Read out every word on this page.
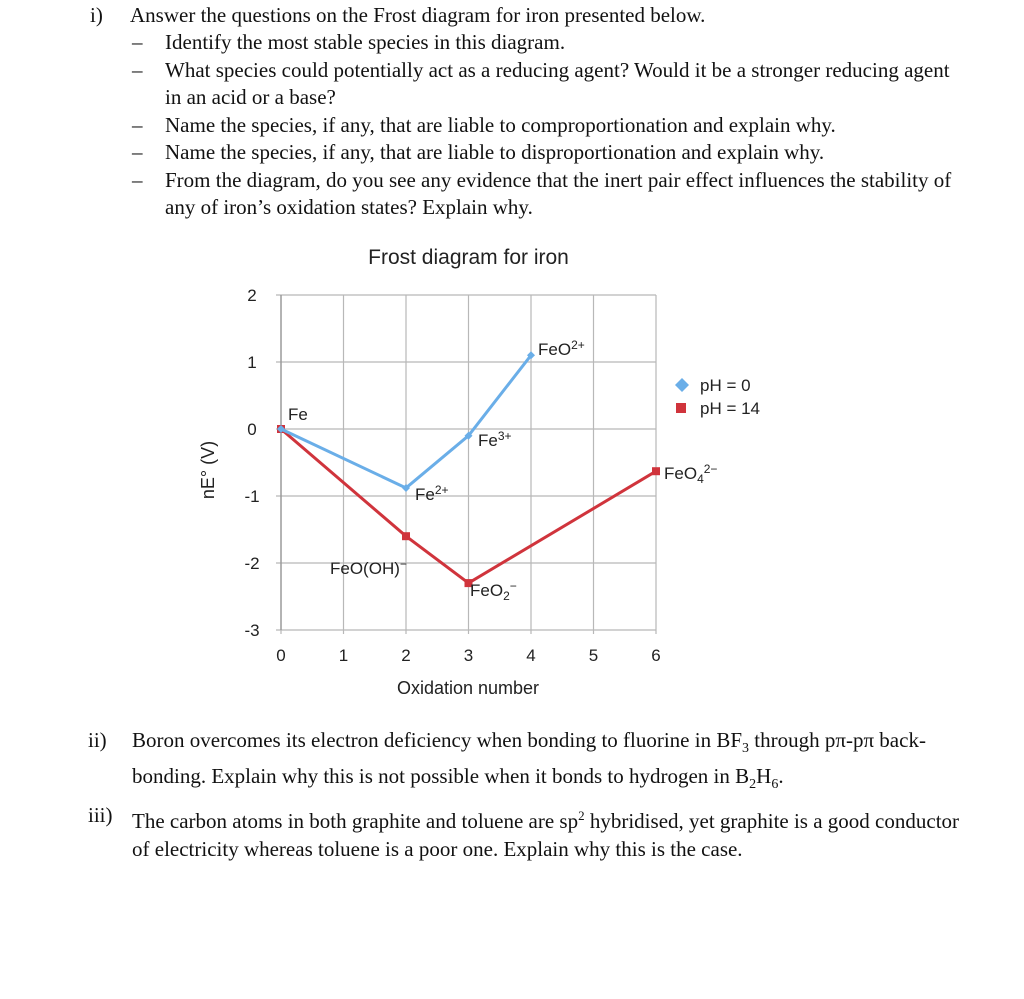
i) Answer the questions on the Frost diagram for iron presented below.
– Identify the most stable species in this diagram.
– What species could potentially act as a reducing agent? Would it be a stronger reducing agent in an acid or a base?
– Name the species, if any, that are liable to comproportionation and explain why.
– Name the species, if any, that are liable to disproportionation and explain why.
– From the diagram, do you see any evidence that the inert pair effect influences the stability of any of iron’s oxidation states? Explain why.
Frost diagram for iron
2
1
0
-1
-2
-3
0	1	2	3	4	5	6
Fe
$Fe^{2+}$
$Fe^{3+}$
FeO$^{2+}$
FeO(OH)−
FeO$_2$−
FeO$_4^{2-}$
nE° (V)
Oxidation number
pH = 0
pH = 14
ii) Boron overcomes its electron deficiency when bonding to fluorine in $BF_3$ through pπ-pπ back-bonding. Explain why this is not possible when it bonds to hydrogen in $B_2H_6$.
iii) The carbon atoms in both graphite and toluene are $sp^2$ hybridised, yet graphite is a good conductor of electricity whereas toluene is a poor one. Explain why this is the case.
